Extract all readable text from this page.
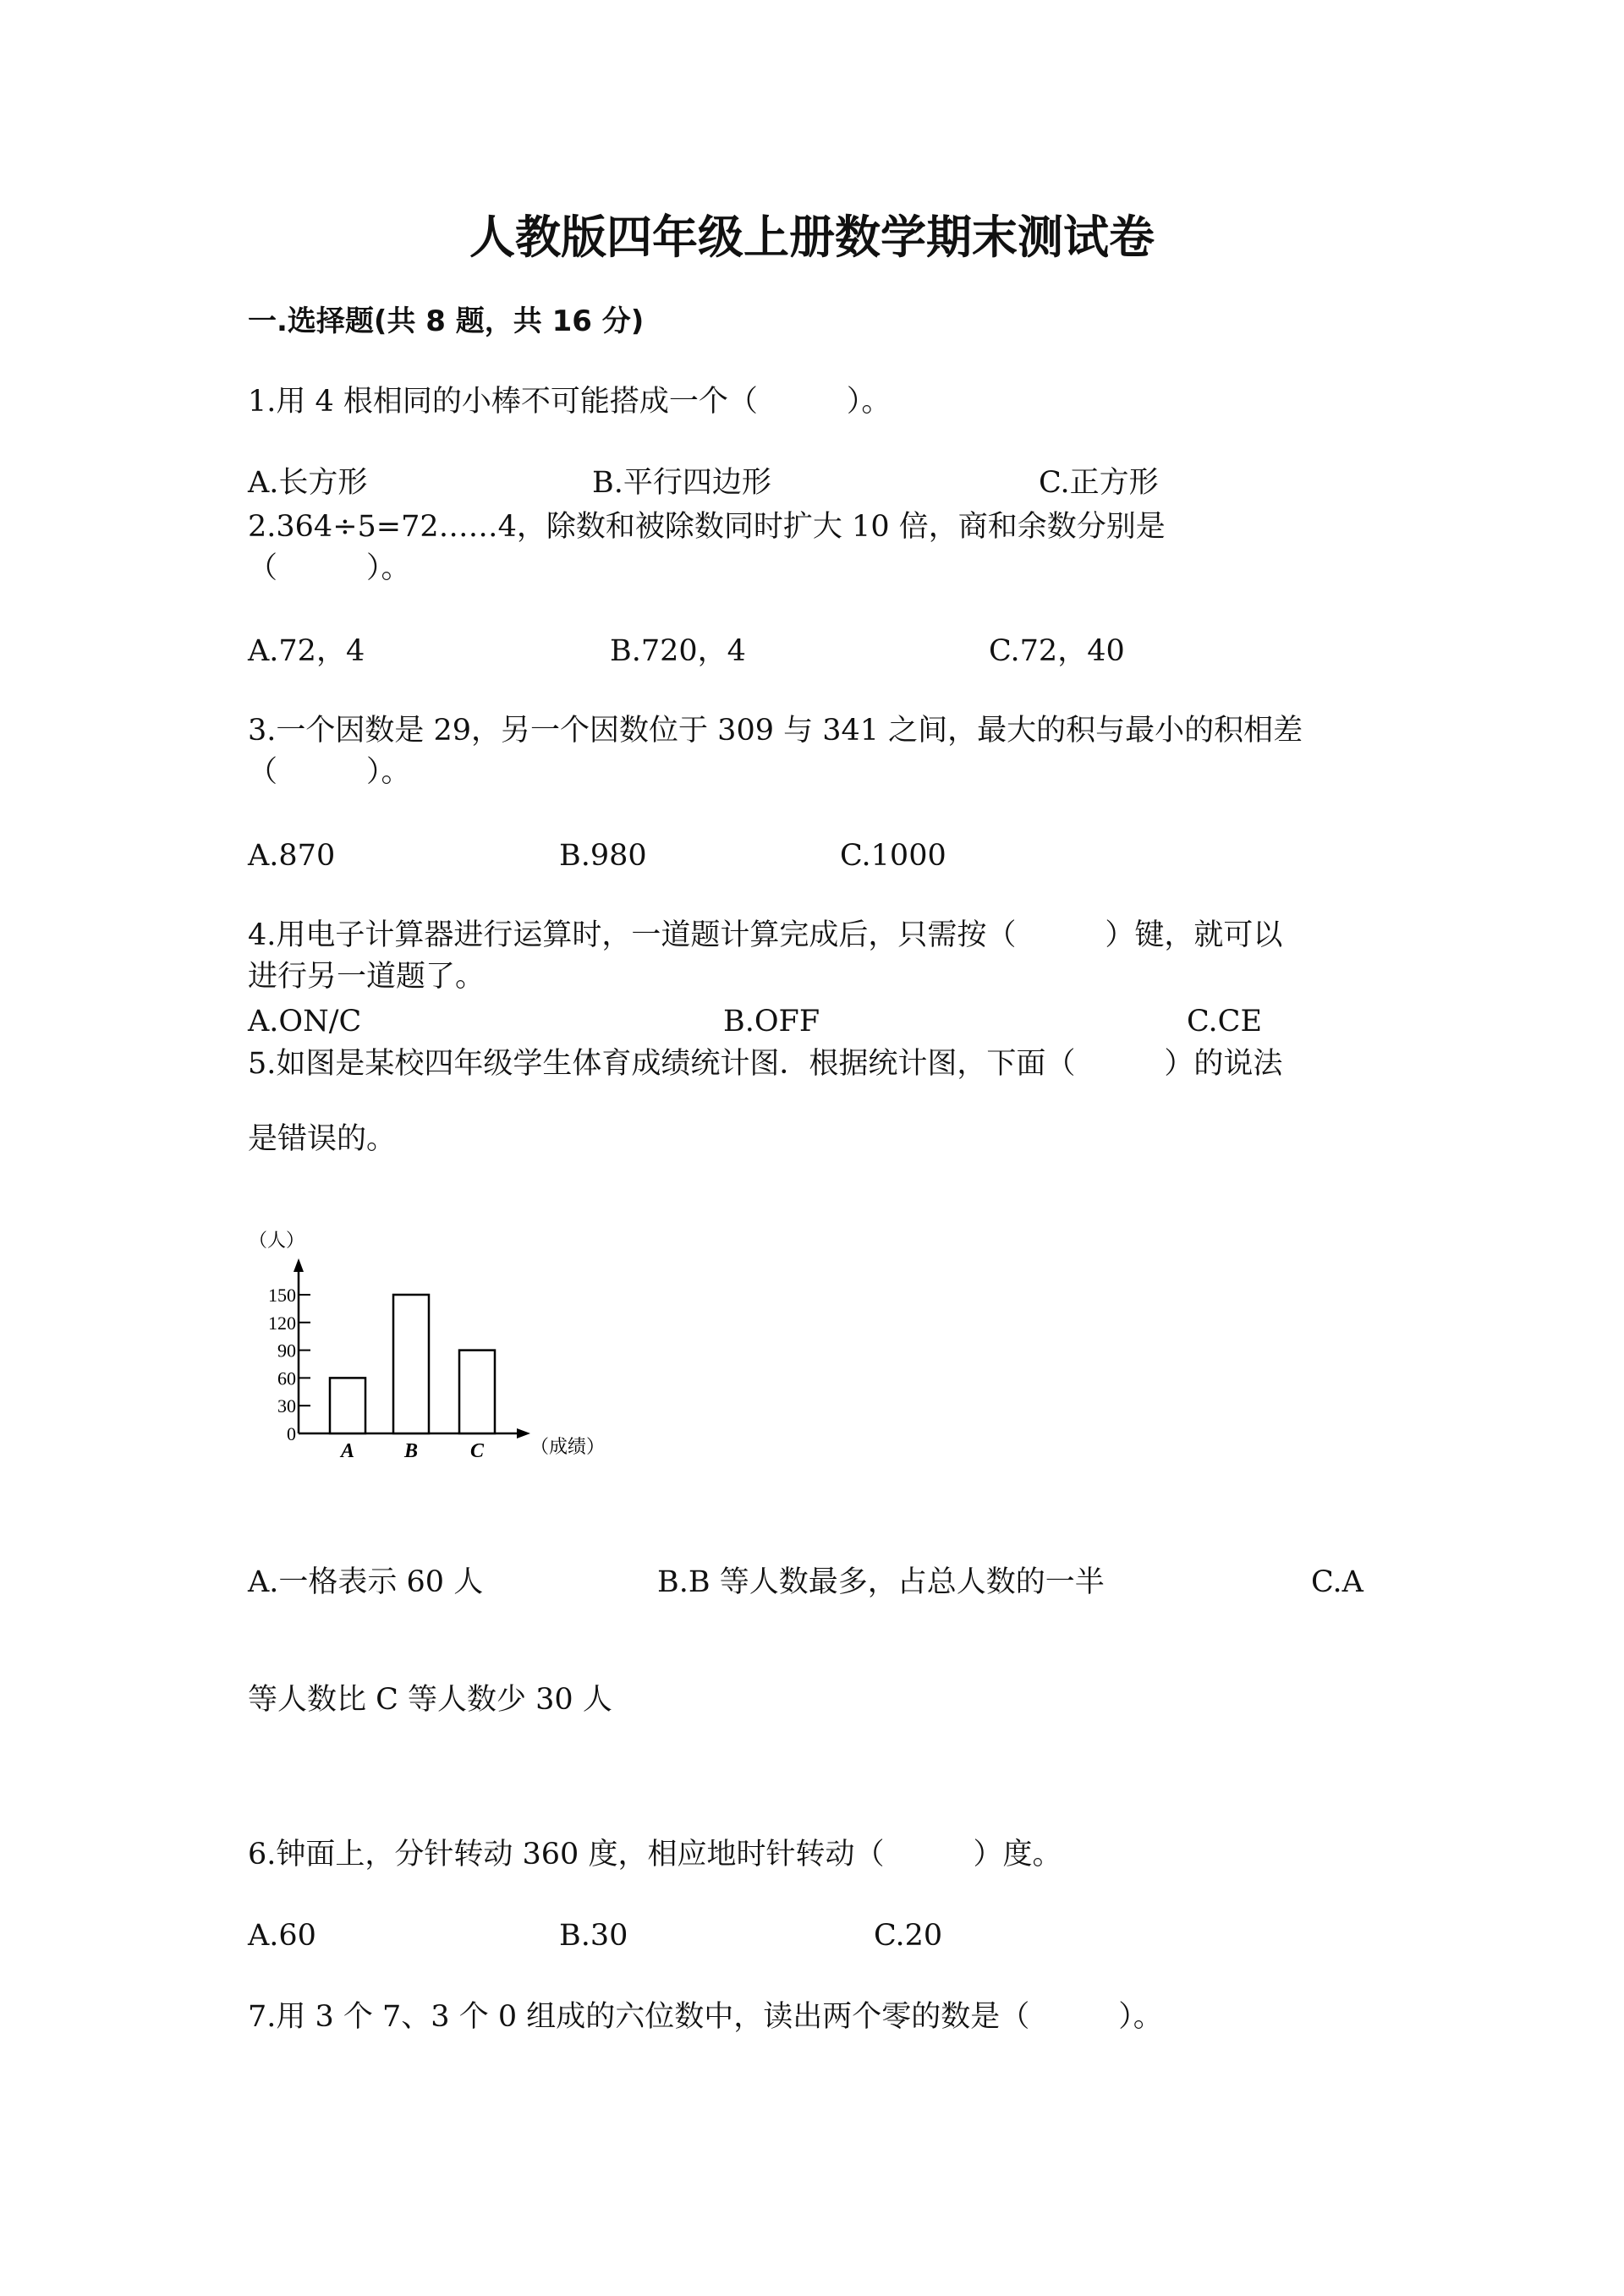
人教版四年级上册数学期末测试卷
一.选择题(共 8 题，共 16 分)
1.用 4 根相同的小棒不可能搭成一个（　　　）。
A.长方形	B.平行四边形	C.正方形
2.364÷5=72……4，除数和被除数同时扩大 10 倍，商和余数分别是
（　　　）。
A.72，4	B.720，4	C.72，40
3.一个因数是 29，另一个因数位于 309 与 341 之间，最大的积与最小的积相差
（　　　）。
A.870	B.980	C.1000
4.用电子计算器进行运算时，一道题计算完成后，只需按（　　　）键，就可以
进行另一道题了。
A.ON/C	B.OFF	C.CE
5.如图是某校四年级学生体育成绩统计图．根据统计图，下面（　　　）的说法
是错误的。
（人）
（成绩）
0
30
60
90
120
150
A B	C
A.一格表示 60 人	B.B 等人数最多，占总人数的一半	C.A
等人数比 C 等人数少 30 人
6.钟面上，分针转动 360 度，相应地时针转动（　　　）度。
A.60	B.30	C.20
7.用 3 个 7、3 个 0 组成的六位数中，读出两个零的数是（　　　）。
